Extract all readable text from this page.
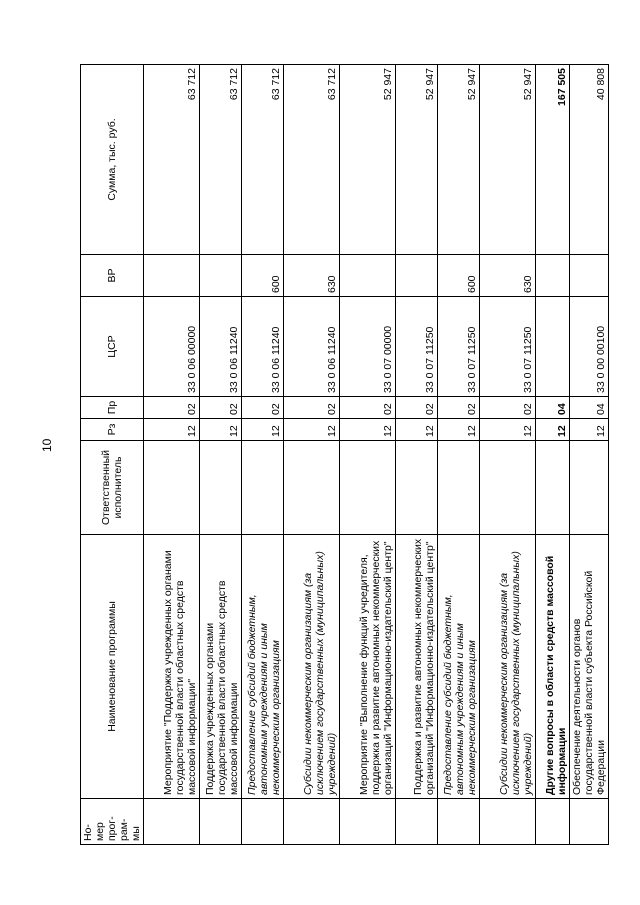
10
Но-
мер
прог-
рам-
мы	Наименование программы	Ответственный исполнитель	Рз	Пр	ЦСР	ВР	Сумма, тыс. руб.
	Мероприятие "Поддержка учрежденных органами государственной власти областных средств массовой информации"		12	02	33 0 06 00000		63 712
	Поддержка учрежденных органами государственной власти областных средств массовой информации		12	02	33 0 06 11240		63 712
	Предоставление субсидий бюджетным, автономным учреждениям и иным некоммерческим организациям		12	02	33 0 06 11240	600	63 712
	Субсидии некоммерческим организациям (за исключением государственных (муниципальных) учреждений)		12	02	33 0 06 11240	630	63 712
	Мероприятие "Выполнение функций учредителя, поддержка и развитие автономных некоммерческих организаций "Информационно-издательский центр"		12	02	33 0 07 00000		52 947
	Поддержка и развитие автономных некоммерческих организаций "Информационно-издательский центр"		12	02	33 0 07 11250		52 947
	Предоставление субсидий бюджетным, автономным учреждениям и иным некоммерческим организациям		12	02	33 0 07 11250	600	52 947
	Субсидии некоммерческим организациям (за исключением государственных (муниципальных) учреждений)		12	02	33 0 07 11250	630	52 947
	Другие вопросы в области средств массовой информации		12	04			167 505
	Обеспечение деятельности органов государственной власти субъекта Российской Федерации		12	04	33 0 00 00100		40 808
